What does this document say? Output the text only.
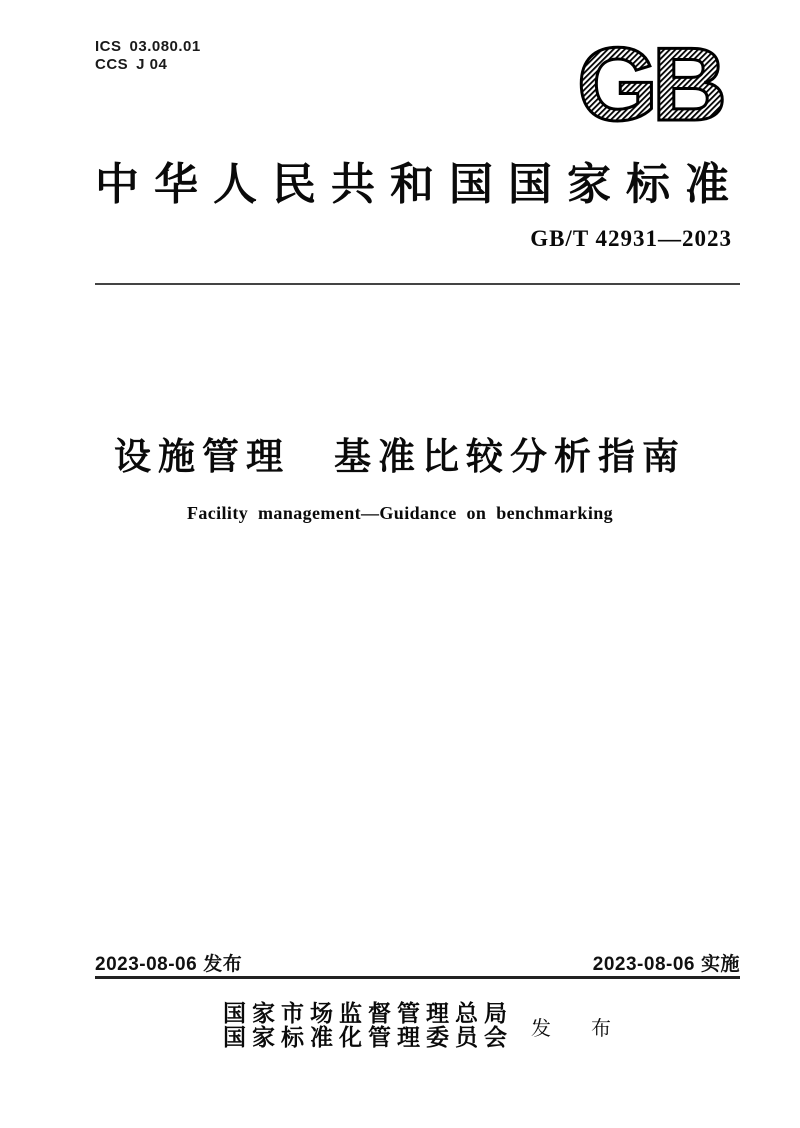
ICS 03.080.01
CCS J 04	GB
中华人民共和国国家标准
GB/T 42931—2023
设施管理　基准比较分析指南
Facility management—Guidance on benchmarking
2023-08-06 发布	2023-08-06 实施
国家市场监督管理总局
国家标准化管理委员会 发　布
